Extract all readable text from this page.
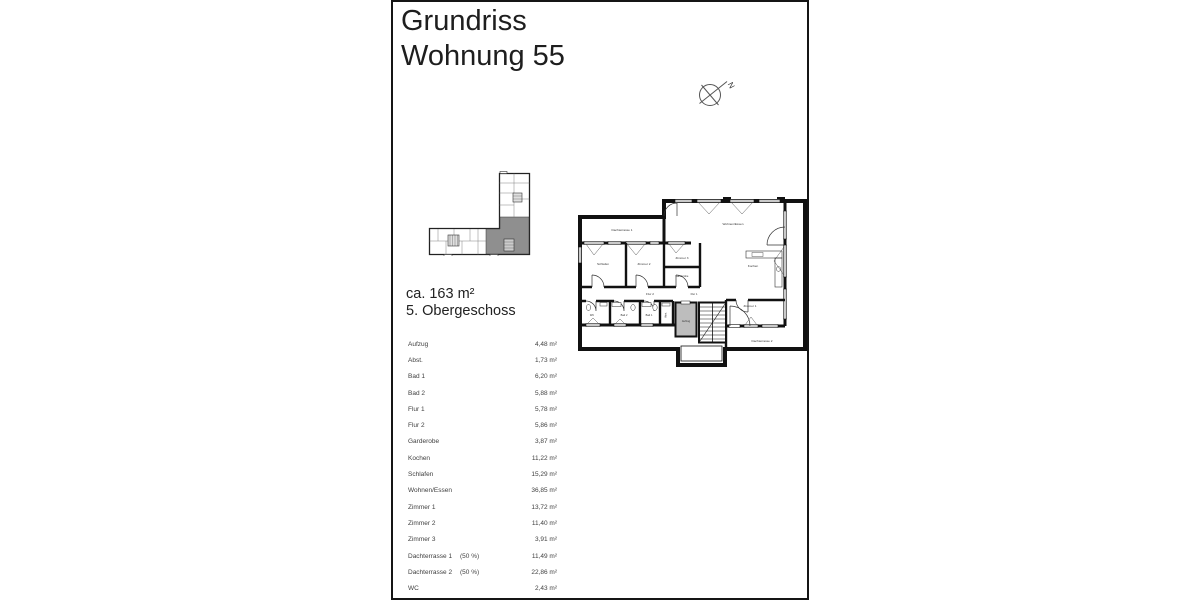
Grundriss
Wohnung 55
N
ca. 163 m²
5. Obergeschoss
Dachterrasse 1
Schlafen	Zimmer 2
Zimmer 3
Garderobe
Flur 2	Flur 1
Wohnen/Essen
Kochen
Zimmer 1
Dachterrasse 2
Aufzug
WC	Bad 2	Bad 1	Abst.
Aufzug	4,48 m²
Abst.	1,73 m²
Bad 1	6,20 m²
Bad 2	5,88 m²
Flur 1	5,78 m²
Flur 2	5,86 m²
Garderobe	3,87 m²
Kochen	11,22 m²
Schlafen	15,29 m²
Wohnen/Essen	36,85 m²
Zimmer 1	13,72 m²
Zimmer 2	11,40 m²
Zimmer 3	3,91 m²
Dachterrasse 1	(50 %)	11,49 m²
Dachterrasse 2	(50 %)	22,86 m²
WC	2,43 m²
